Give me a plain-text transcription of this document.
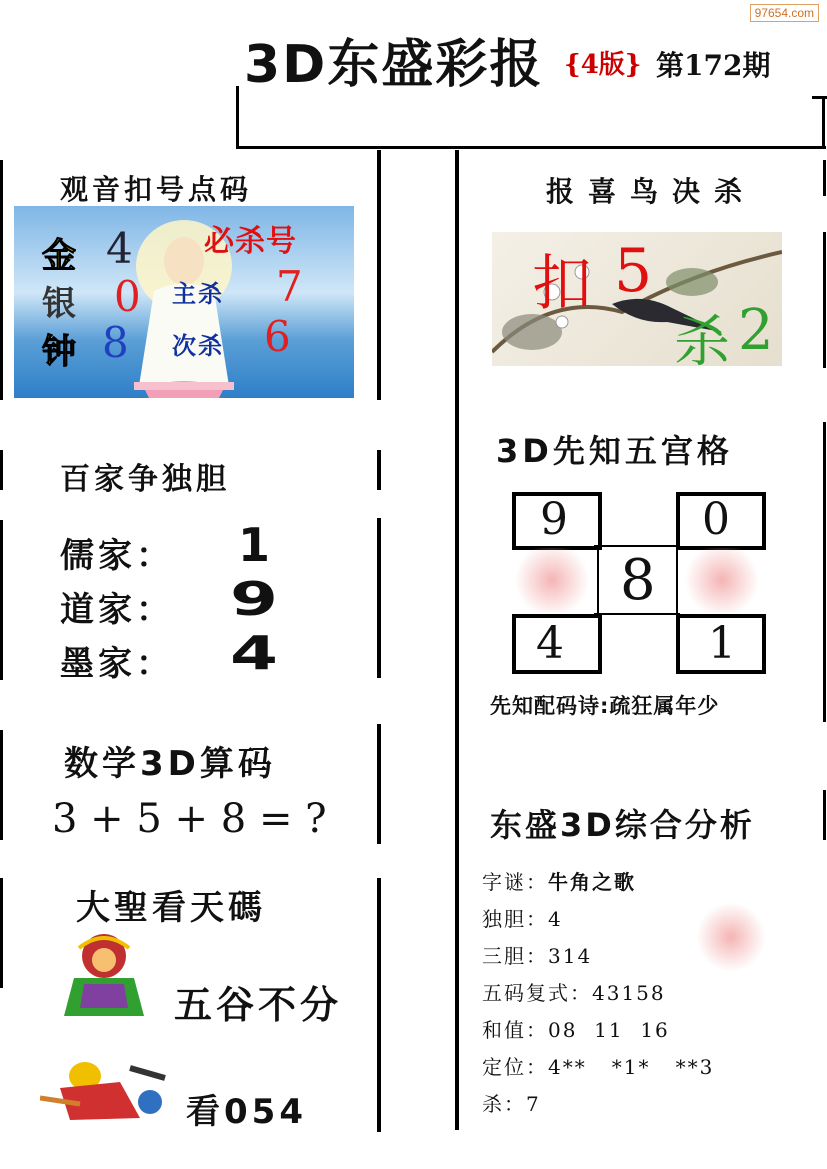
97654.com
3D东盛彩报 {4版} 第172期
观音扣号点码
必杀号
金 4
银 0
钟 8
主杀 7
次杀 6
报喜鸟决杀
扣 5
杀 2
百家争独胆
儒家： 1
道家： 9
墨家： 4
3D先知五宫格
9	0
8
4	1
先知配码诗:疏狂属年少
数学3D算码
3 + 5 + 8 = ?
大聖看天碼
五谷不分
看054
东盛3D综合分析
字谜：牛角之歌
独胆：4
三胆：314
五码复式：43158
和值：08  11  16
定位：4**   *1*   **3
杀：7
